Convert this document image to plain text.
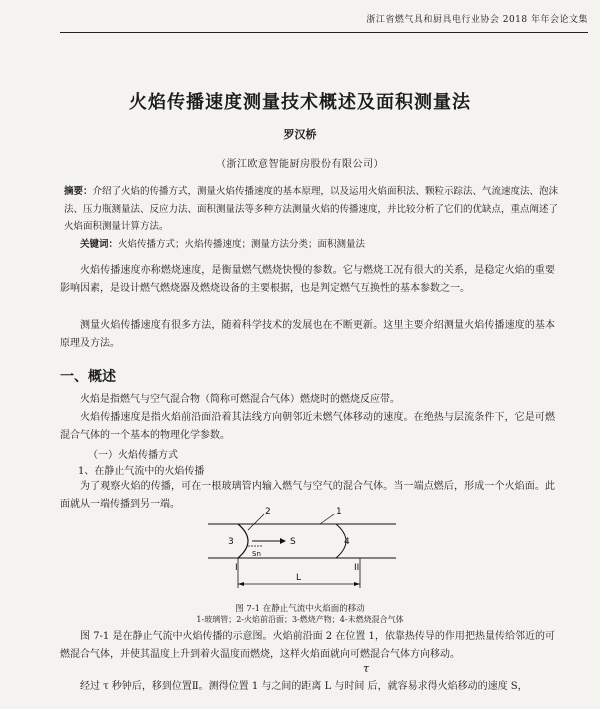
浙江省燃气具和厨具电行业协会 2018 年年会论文集
火焰传播速度测量技术概述及面积测量法
罗汉桥
（浙江欧意智能厨房股份有限公司）
摘要：介绍了火焰的传播方式，测量火焰传播速度的基本原理，以及运用火焰面积法、颗粒示踪法、气流速度法、泡沫法、压力瓶测量法、反应力法、面积测量法等多种方法测量火焰的传播速度，并比较分析了它们的优缺点，重点阐述了火焰面积测量计算方法。
关键词：火焰传播方式；火焰传播速度；测量方法分类；面积测量法
火焰传播速度亦称燃烧速度，是衡量燃气燃烧快慢的参数。它与燃烧工况有很大的关系，是稳定火焰的重要影响因素，是设计燃气燃烧器及燃烧设备的主要根据，也是判定燃气互换性的基本参数之一。
测量火焰传播速度有很多方法，随着科学技术的发展也在不断更新。这里主要介绍测量火焰传播速度的基本原理及方法。
一、概述
火焰是指燃气与空气混合物（简称可燃混合气体）燃烧时的燃烧反应带。
火焰传播速度是指火焰前沿面沿着其法线方向朝邻近未燃气体移动的速度。在绝热与层流条件下，它是可燃混合气体的一个基本的物理化学参数。
（一）火焰传播方式
1、在静止气流中的火焰传播
为了观察火焰的传播，可在一根玻璃管内输入燃气与空气的混合气体。当一端点燃后，形成一个火焰面。此面就从一端传播到另一端。
1
2
3	4
S
Sn
I	II
L
图 7-1 在静止气流中火焰面的移动
1-玻璃管；2-火焰前沿面；3-燃烧产物；4-未燃烧混合气体
图 7-1 是在静止气流中火焰传播的示意图。火焰前沿面 2 在位置 1，依靠热传导的作用把热量传给邻近的可燃混合气体，并使其温度上升到着火温度而燃烧，这样火焰面就向可燃混合气体方向移动。
τ
经过 τ 秒钟后，移到位置Ⅱ。测得位置 1 与之间的距离 L 与时间 后，就容易求得火焰移动的速度 S，
